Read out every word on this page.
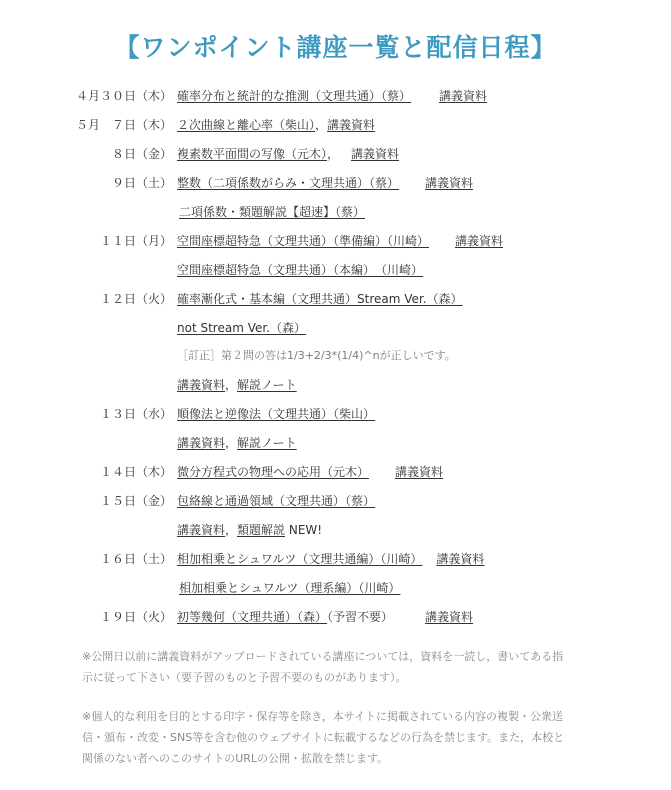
【ワンポイント講座一覧と配信日程】
４月３０日（木） 確率分布と統計的な推測（文理共通）（蔡） 講義資料
５月　７日（木） ２次曲線と離心率（柴山），講義資料
８日（金） 複素数平面間の写像（元木）， 講義資料
９日（土） 整数（二項係数がらみ・文理共通）（蔡） 講義資料
二項係数・類題解説【超速】（蔡）
１１日（月） 空間座標超特急（文理共通）（準備編）（川崎） 講義資料
空間座標超特急（文理共通）（本編）　（川崎）
１２日（火） 確率漸化式・基本編（文理共通）Stream Ver.（森）
not Stream Ver.（森）
［訂正］第２問の答は1/3+2/3*(1/4)^nが正しいです。
講義資料，解説ノート
１３日（水） 順像法と逆像法（文理共通）（柴山）
講義資料，解説ノート
１４日（木） 微分方程式の物理への応用（元木） 講義資料
１５日（金） 包絡線と通過領域（文理共通）（蔡）
講義資料，類題解説 NEW!
１６日（土） 相加相乗とシュワルツ（文理共通編）（川崎） 講義資料
相加相乗とシュワルツ（理系編）（川崎）
１９日（火） 初等幾何（文理共通）（森）（予習不要）	講義資料
※公開日以前に講義資料がアップロードされている講座については，資料を一読し，書いてある指示に従って下さい（要予習のものと予習不要のものがあります）。
※個人的な利用を目的とする印字・保存等を除き，本サイトに掲載されている内容の複製・公衆送信・頒布・改変・SNS等を含む他のウェブサイトに転載するなどの行為を禁じます。また，本校と関係のない者へのこのサイトのURLの公開・拡散を禁じます。
